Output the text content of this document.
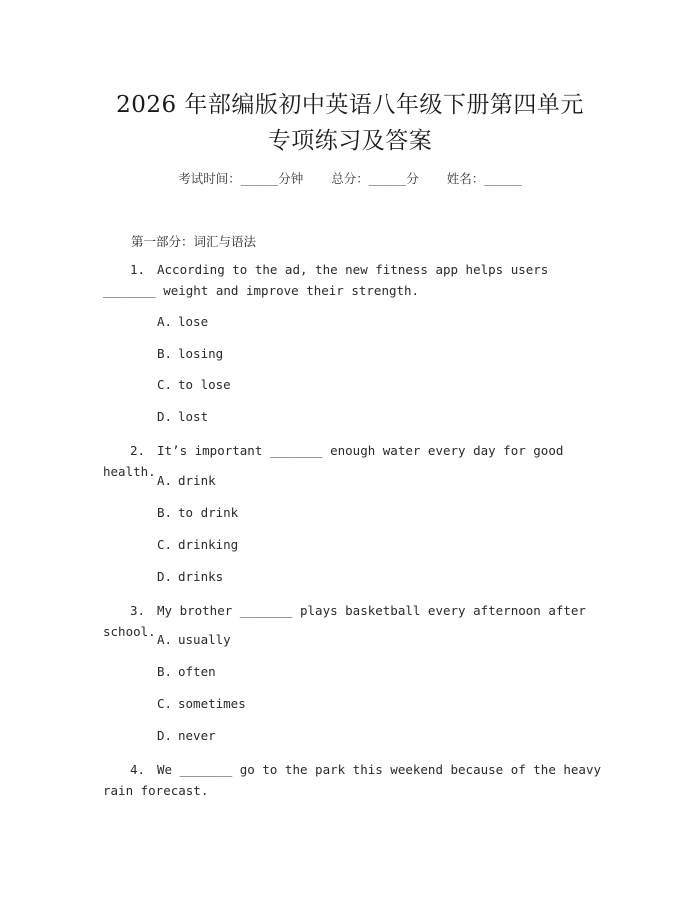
2026 年部编版初中英语八年级下册第四单元
专项练习及答案
考试时间：______分钟 总分：______分 姓名：______
第一部分：词汇与语法
1. According to the ad, the new fitness app helps users _______ weight and improve their strength.
A. lose
B. losing
C. to lose
D. lost
2. It’s important _______ enough water every day for good health.
A. drink
B. to drink
C. drinking
D. drinks
3. My brother _______ plays basketball every afternoon after school.
A. usually
B. often
C. sometimes
D. never
4. We _______ go to the park this weekend because of the heavy rain forecast.
